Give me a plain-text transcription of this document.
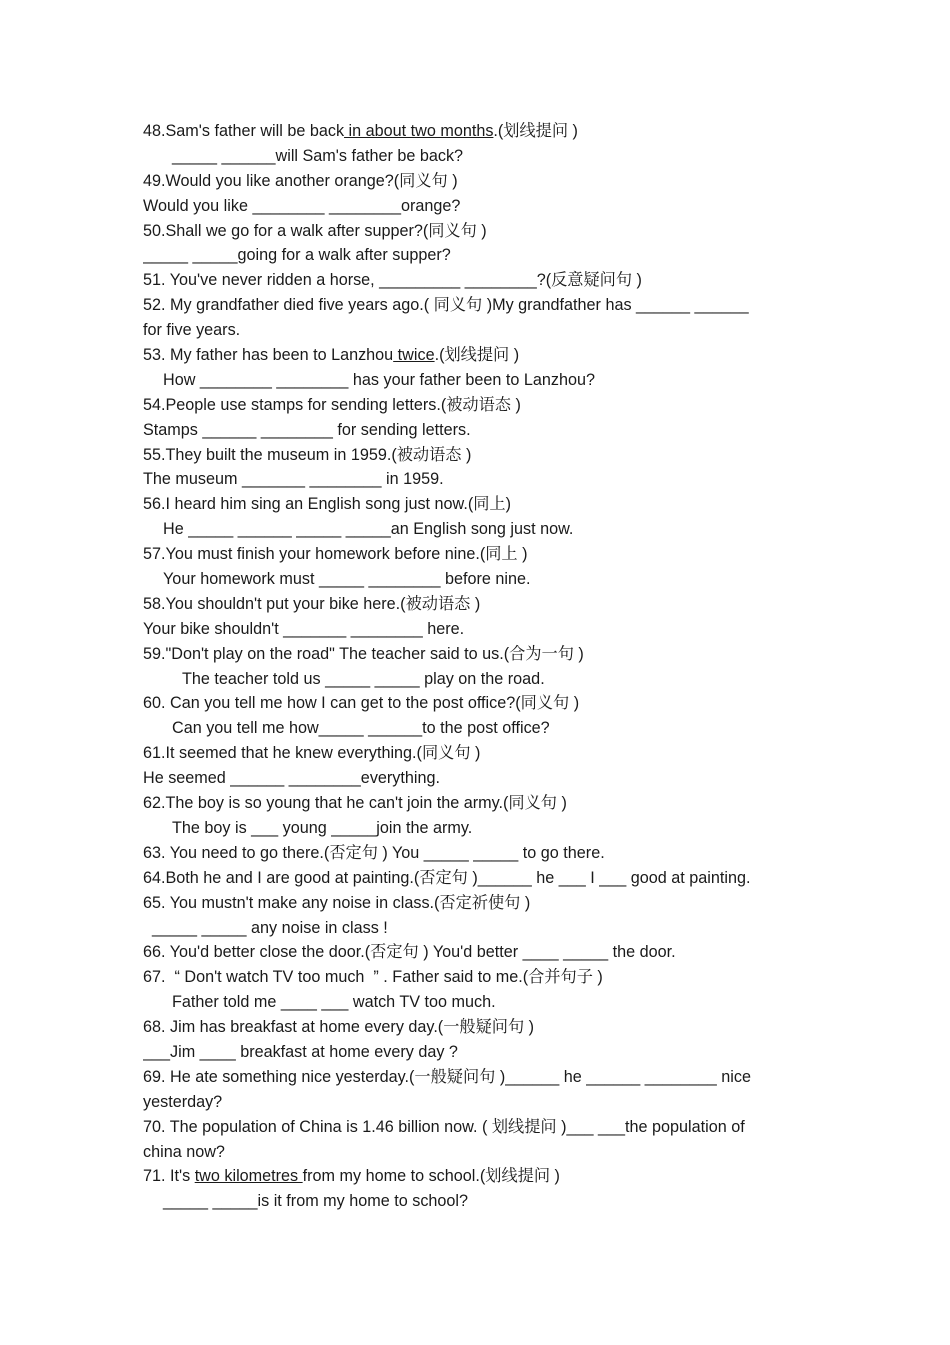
48.Sam's father will be back in about two months.(划线提问 )
_____ ______will Sam's father be back?
49.Would you like another orange?(同义句 )
Would you like ________ ________orange?
50.Shall we go for a walk after supper?(同义句 )
_____ _____going for a walk after supper?
51. You've never ridden a horse, _________ ________?(反意疑问句 )
52. My grandfather died five years ago.( 同义句 )My grandfather has ______ ______
for five years.
53. My father has been to Lanzhou twice.(划线提问 )
How ________ ________ has your father been to Lanzhou?
54.People use stamps for sending letters.(被动语态 )
Stamps ______ ________ for sending letters.
55.They built the museum in 1959.(被动语态 )
The museum _______ ________ in 1959.
56.I heard him sing an English song just now.(同上)
He _____ ______ _____ _____an English song just now.
57.You must finish your homework before nine.(同上 )
Your homework must _____ ________ before nine.
58.You shouldn't put your bike here.(被动语态 )
Your bike shouldn't _______ ________ here.
59."Don't play on the road" The teacher said to us.(合为一句 )
The teacher told us _____ _____ play on the road.
60. Can you tell me how I can get to the post office?(同义句 )
Can you tell me how_____ ______to the post office?
61.It seemed that he knew everything.(同义句 )
He seemed ______ ________everything.
62.The boy is so young that he can't join the army.(同义句 )
The boy is ___ young _____join the army.
63. You need to go there.(否定句 ) You _____ _____ to go there.
64.Both he and I are good at painting.(否定句 )______ he ___ I ___ good at painting.
65. You mustn't make any noise in class.(否定祈使句 )
_____ _____ any noise in class !
66. You'd better close the door.(否定句 ) You'd better ____ _____ the door.
67.  “ Don't watch TV too much  ” . Father said to me.(合并句子 )
Father told me ____ ___ watch TV too much.
68. Jim has breakfast at home every day.(一般疑问句 )
___Jim ____ breakfast at home every day ?
69. He ate something nice yesterday.(一般疑问句 )______ he ______ ________ nice
yesterday?
70. The population of China is 1.46 billion now. ( 划线提问 )___ ___the population of
china now?
71. It's two kilometres from my home to school.(划线提问 )
_____ _____is it from my home to school?
